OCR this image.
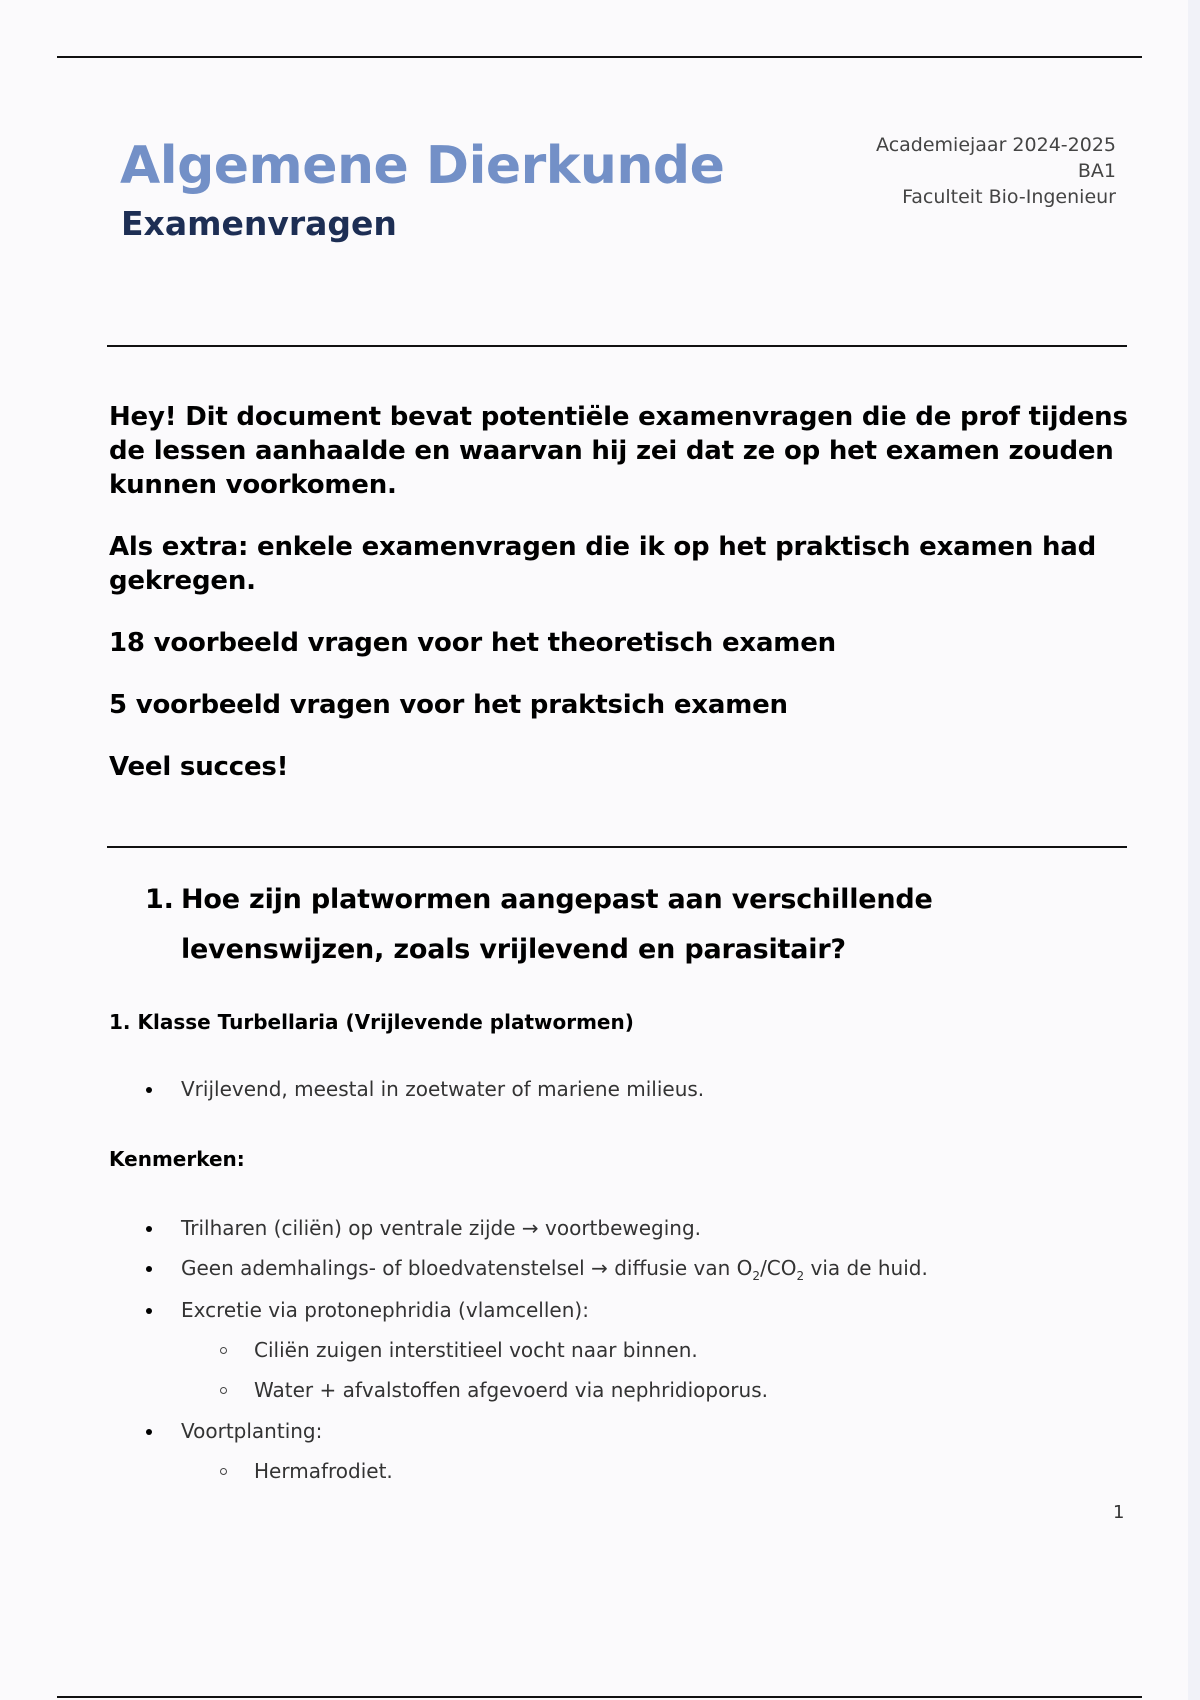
Algemene Dierkunde
Examenvragen
Academiejaar 2024-2025
BA1
Faculteit Bio-Ingenieur

Hey! Dit document bevat potentiële examenvragen die de prof tijdens de lessen aanhaalde en waarvan hij zei dat ze op het examen zouden kunnen voorkomen.

Als extra: enkele examenvragen die ik op het praktisch examen had gekregen.

18 voorbeeld vragen voor het theoretisch examen

5 voorbeeld vragen voor het praktsich examen

Veel succes!

1. Hoe zijn platwormen aangepast aan verschillende levenswijzen, zoals vrijlevend en parasitair?
1. Klasse Turbellaria (Vrijlevende platwormen)
Vrijlevend, meestal in zoetwater of mariene milieus.
Kenmerken:
Trilharen (ciliën) op ventrale zijde → voortbeweging.
Geen ademhalings- of bloedvatenstelsel → diffusie van $O_2/CO_2$ via de huid.
Excretie via protonephridia (vlamcellen):
Ciliën zuigen interstitieel vocht naar binnen.
Water + afvalstoffen afgevoerd via nephridioporus.
Voortplanting:
Hermafrodiet.
1
